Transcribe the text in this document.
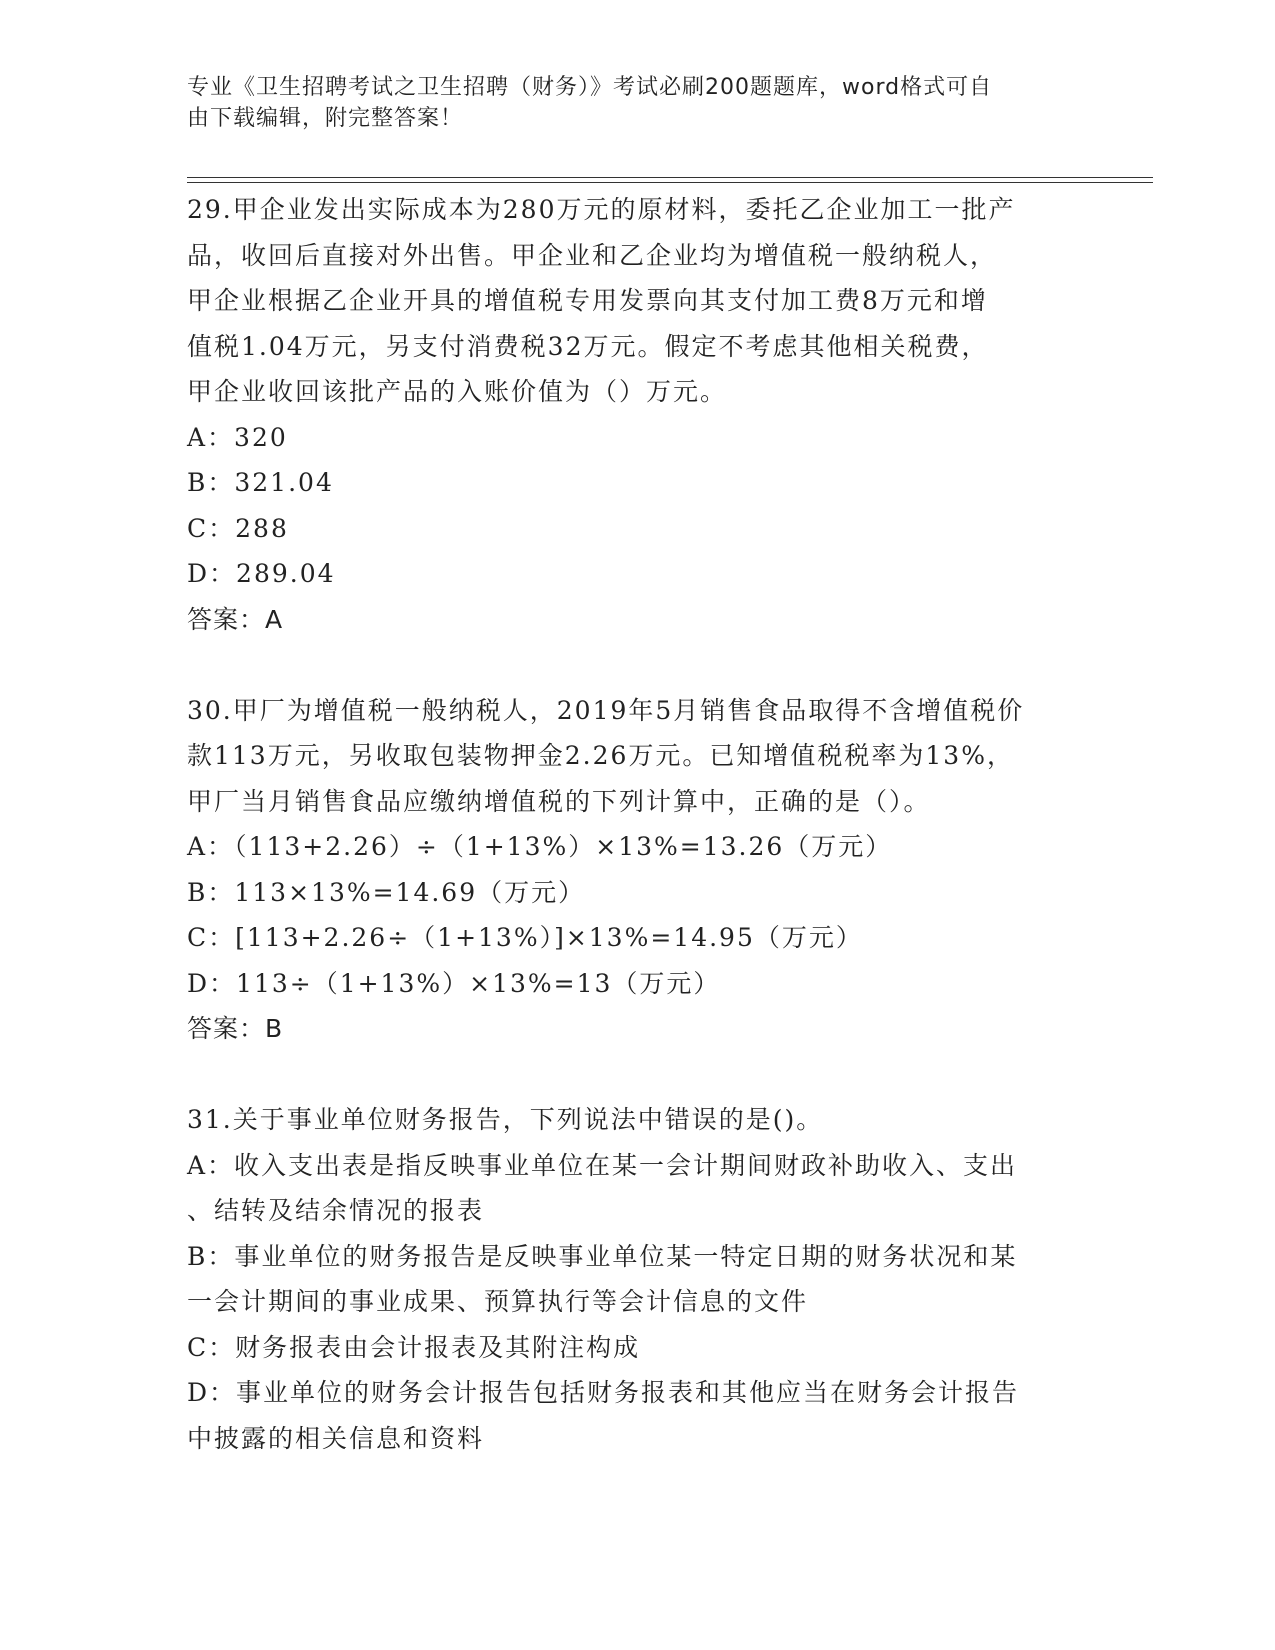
专业《卫生招聘考试之卫生招聘（财务）》考试必刷200题题库，word格式可自
由下载编辑，附完整答案！
29.甲企业发出实际成本为280万元的原材料，委托乙企业加工一批产
品，收回后直接对外出售。甲企业和乙企业均为增值税一般纳税人，
甲企业根据乙企业开具的增值税专用发票向其支付加工费8万元和增
值税1.04万元，另支付消费税32万元。假定不考虑其他相关税费，
甲企业收回该批产品的入账价值为（）万元。
A：320
B：321.04
C：288
D：289.04
答案：A
30.甲厂为增值税一般纳税人，2019年5月销售食品取得不含增值税价
款113万元，另收取包装物押金2.26万元。已知增值税税率为13%，
甲厂当月销售食品应缴纳增值税的下列计算中，正确的是（）。
A：（113+2.26）÷（1+13%）×13%=13.26（万元）
B：113×13%=14.69（万元）
C：[113+2.26÷（1+13%）]×13%=14.95（万元）
D：113÷（1+13%）×13%=13（万元）
答案：B
31.关于事业单位财务报告，下列说法中错误的是()。
A：收入支出表是指反映事业单位在某一会计期间财政补助收入、支出
、结转及结余情况的报表
B：事业单位的财务报告是反映事业单位某一特定日期的财务状况和某
一会计期间的事业成果、预算执行等会计信息的文件
C：财务报表由会计报表及其附注构成
D：事业单位的财务会计报告包括财务报表和其他应当在财务会计报告
中披露的相关信息和资料
